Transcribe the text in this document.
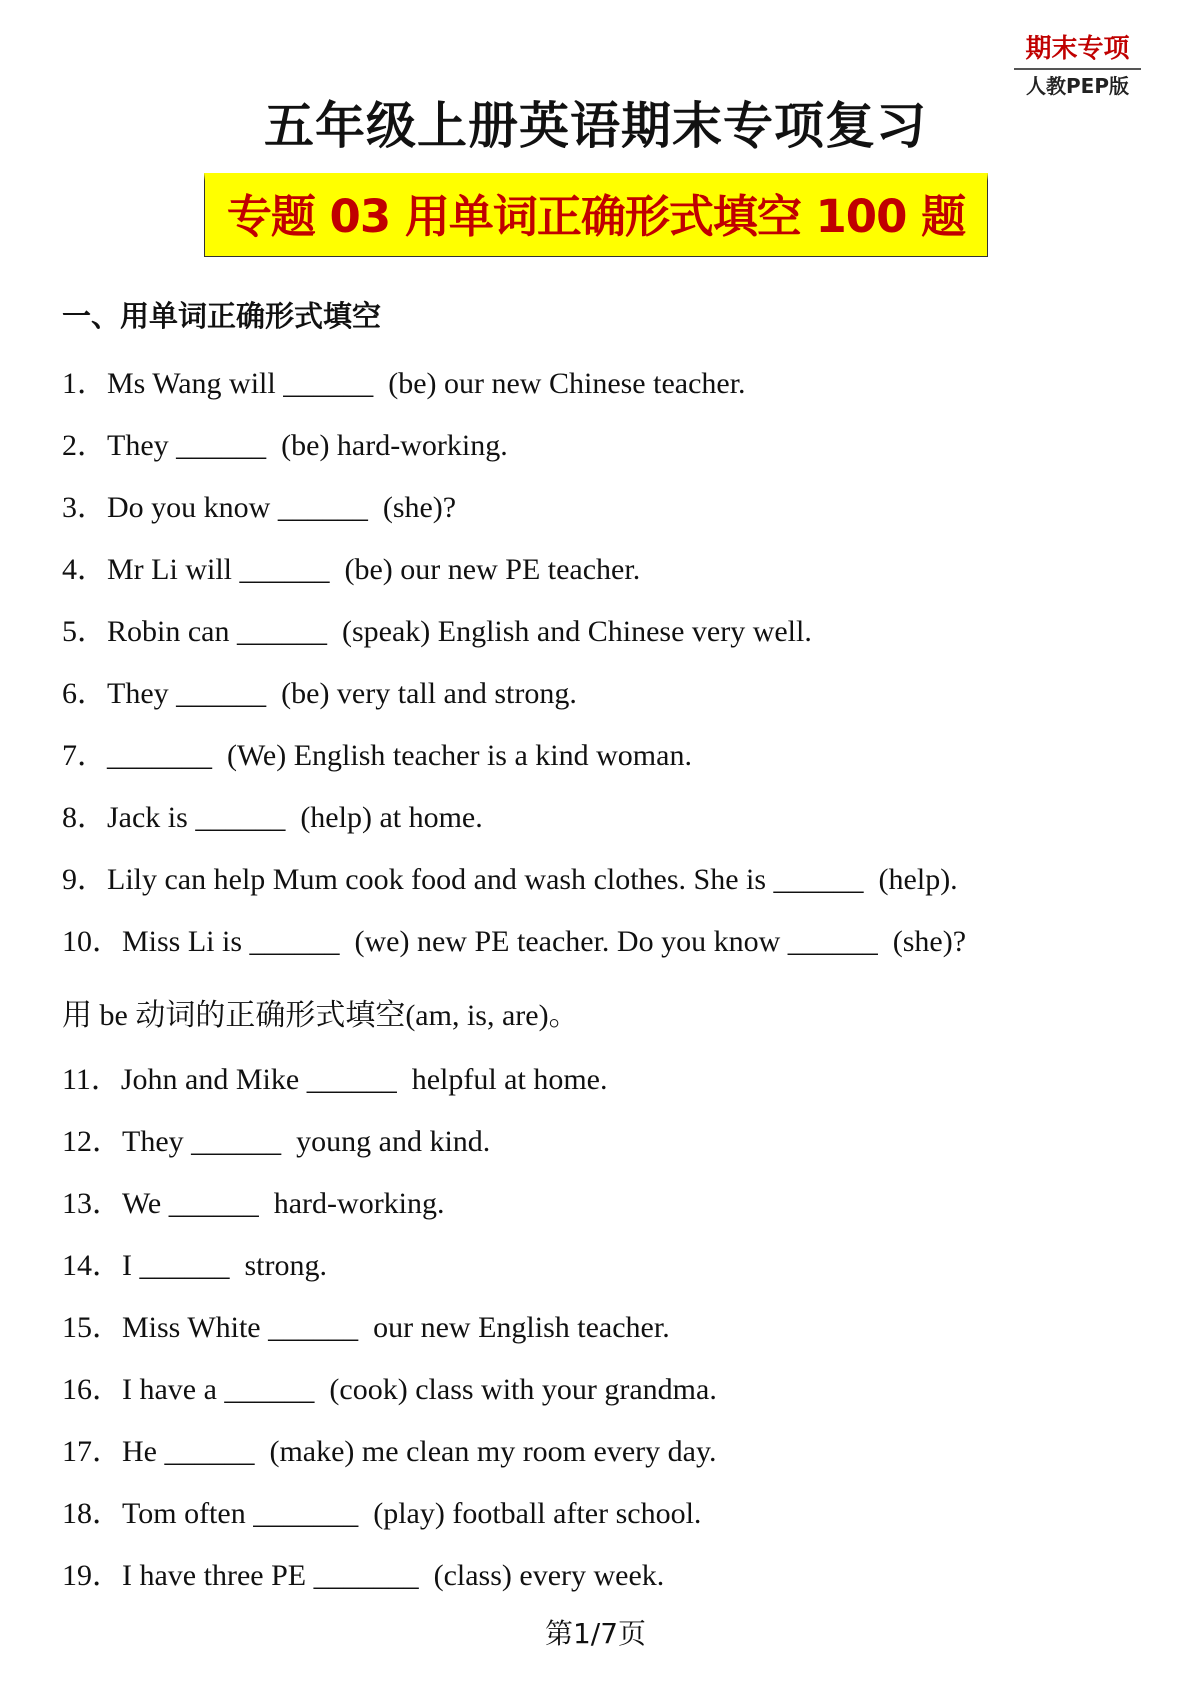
期末专项
人教PEP版
五年级上册英语期末专项复习
专题 03 用单词正确形式填空 100 题
一、用单词正确形式填空
1．Ms Wang will ______  (be) our new Chinese teacher.
2．They ______  (be) hard-working.
3．Do you know ______  (she)?
4．Mr Li will ______  (be) our new PE teacher.
5．Robin can ______  (speak) English and Chinese very well.
6．They ______  (be) very tall and strong.
7．_______  (We) English teacher is a kind woman.
8．Jack is ______  (help) at home.
9．Lily can help Mum cook food and wash clothes. She is ______  (help).
10．Miss Li is ______  (we) new PE teacher. Do you know ______  (she)?
11．John and Mike ______  helpful at home.
12．They ______  young and kind.
13．We ______  hard-working.
14．I ______  strong.
15．Miss White ______  our new English teacher.
16．I have a ______  (cook) class with your grandma.
17．He ______  (make) me clean my room every day.
18．Tom often _______  (play) football after school.
19．I have three PE _______  (class) every week.
用 be 动词的正确形式填空(am, is, are)。
第1/7页
